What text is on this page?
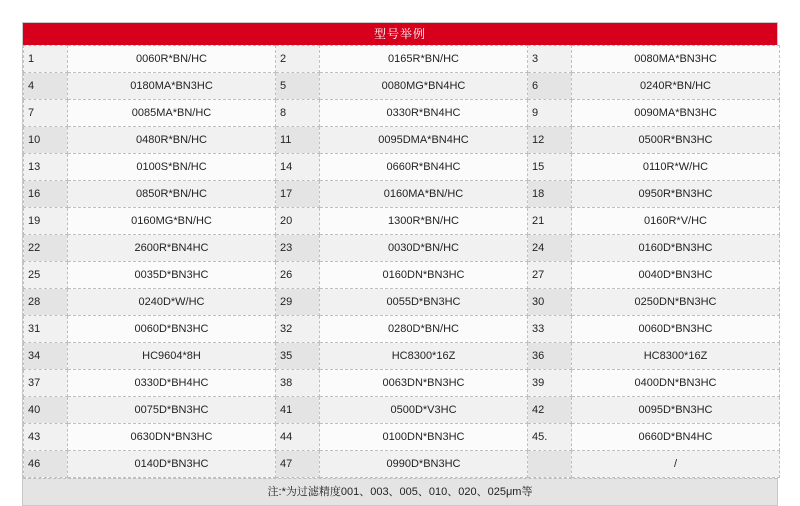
型号举例
1	0060R*BN/HC	2	0165R*BN/HC	3	0080MA*BN3HC
4	0180MA*BN3HC	5	0080MG*BN4HC	6	0240R*BN/HC
7	0085MA*BN/HC	8	0330R*BN4HC	9	0090MA*BN3HC
10	0480R*BN/HC	11	0095DMA*BN4HC	12	0500R*BN3HC
13	0100S*BN/HC	14	0660R*BN4HC	15	0110R*W/HC
16	0850R*BN/HC	17	0160MA*BN/HC	18	0950R*BN3HC
19	0160MG*BN/HC	20	1300R*BN/HC	21	0160R*V/HC
22	2600R*BN4HC	23	0030D*BN/HC	24	0160D*BN3HC
25	0035D*BN3HC	26	0160DN*BN3HC	27	0040D*BN3HC
28	0240D*W/HC	29	0055D*BN3HC	30	0250DN*BN3HC
31	0060D*BN3HC	32	0280D*BN/HC	33	0060D*BN3HC
34	HC9604*8H	35	HC8300*16Z	36	HC8300*16Z
37	0330D*BH4HC	38	0063DN*BN3HC	39	0400DN*BN3HC
40	0075D*BN3HC	41	0500D*V3HC	42	0095D*BN3HC
43	0630DN*BN3HC	44	0100DN*BN3HC	45.	0660D*BN4HC
46	0140D*BN3HC	47	0990D*BN3HC		/
注:*为过滤精度001、003、005、010、020、025μm等
